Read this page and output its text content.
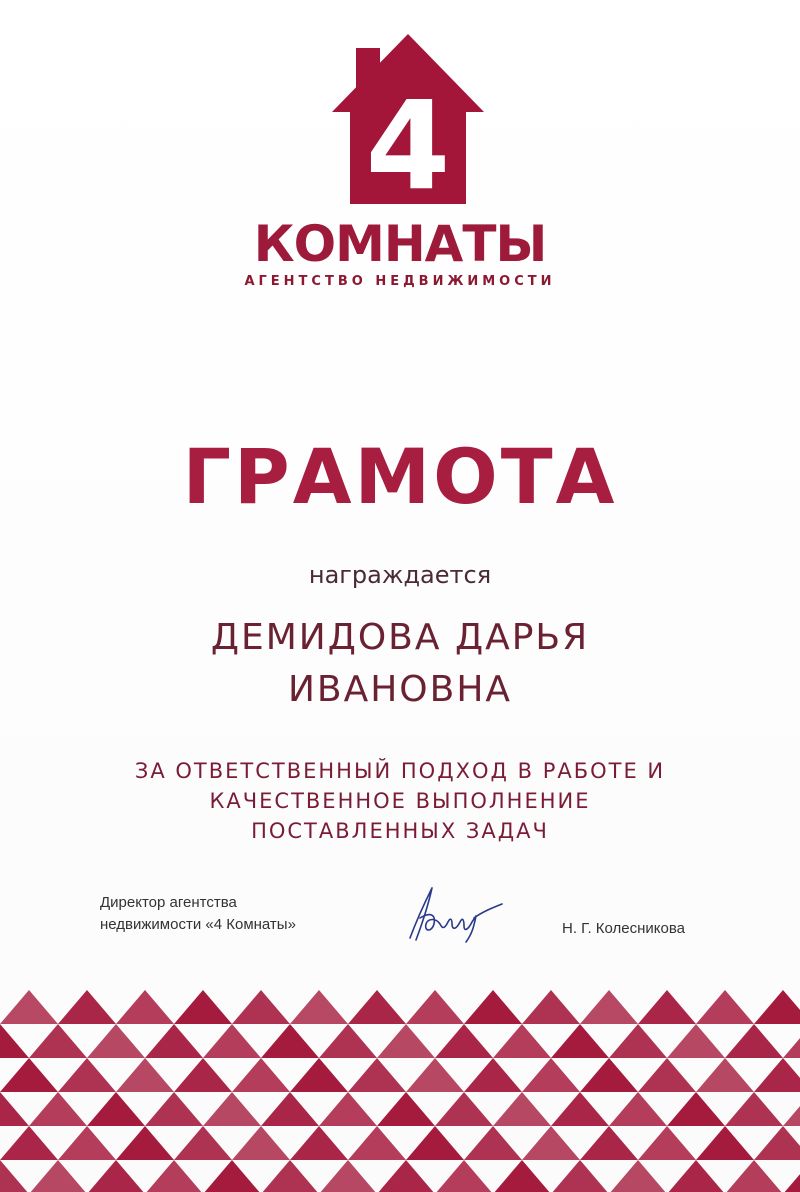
4
КОМНАТЫ
АГЕНТСТВО НЕДВИЖИМОСТИ
ГРАМОТА
награждается
ДЕМИДОВА ДАРЬЯ
ИВАНОВНА
ЗА ОТВЕТСТВЕННЫЙ ПОДХОД В РАБОТЕ И
КАЧЕСТВЕННОЕ ВЫПОЛНЕНИЕ
ПОСТАВЛЕННЫХ ЗАДАЧ
Директор агентства
недвижимости «4 Комнаты»	Н. Г. Колесникова
